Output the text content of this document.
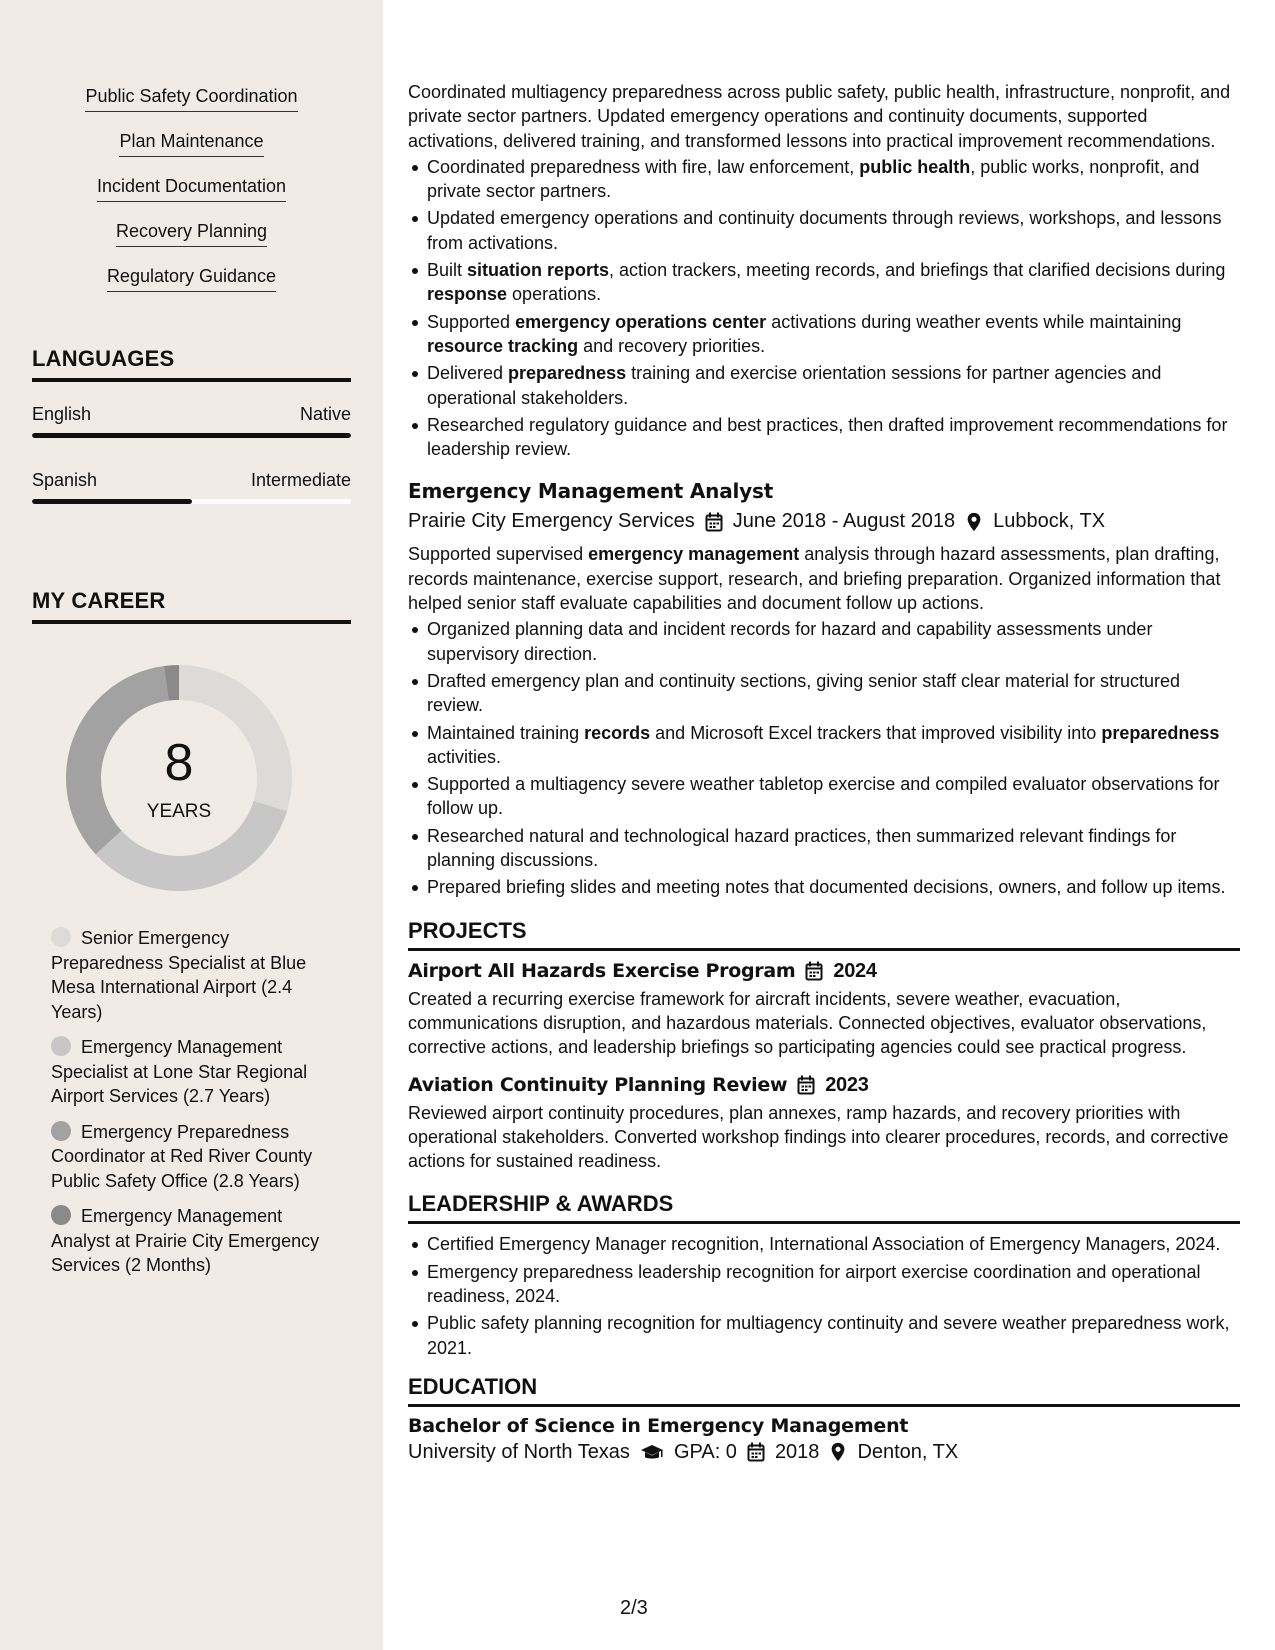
Public Safety Coordination
Plan Maintenance
Incident Documentation
Recovery Planning
Regulatory Guidance
LANGUAGES
English	Native
Spanish	Intermediate
MY CAREER
8
YEARS
Senior Emergency Preparedness Specialist at Blue Mesa International Airport (2.4 Years)
Emergency Management Specialist at Lone Star Regional Airport Services (2.7 Years)
Emergency Preparedness Coordinator at Red River County Public Safety Office (2.8 Years)
Emergency Management Analyst at Prairie City Emergency Services (2 Months)

Coordinated multiagency preparedness across public safety, public health, infrastructure, nonprofit, and private sector partners. Updated emergency operations and continuity documents, supported activations, delivered training, and transformed lessons into practical improvement recommendations.

Coordinated preparedness with fire, law enforcement, public health, public works, nonprofit, and private sector partners.
Updated emergency operations and continuity documents through reviews, workshops, and lessons from activations.
Built situation reports, action trackers, meeting records, and briefings that clarified decisions during response operations.
Supported emergency operations center activations during weather events while maintaining resource tracking and recovery priorities.
Delivered preparedness training and exercise orientation sessions for partner agencies and operational stakeholders.
Researched regulatory guidance and best practices, then drafted improvement recommendations for leadership review.
Emergency Management Analyst
Prairie City Emergency Services June 2018 - August 2018 Lubbock, TX

Supported supervised emergency management analysis through hazard assessments, plan drafting, records maintenance, exercise support, research, and briefing preparation. Organized information that helped senior staff evaluate capabilities and document follow up actions.

Organized planning data and incident records for hazard and capability assessments under supervisory direction.
Drafted emergency plan and continuity sections, giving senior staff clear material for structured review.
Maintained training records and Microsoft Excel trackers that improved visibility into preparedness activities.
Supported a multiagency severe weather tabletop exercise and compiled evaluator observations for follow up.
Researched natural and technological hazard practices, then summarized relevant findings for planning discussions.
Prepared briefing slides and meeting notes that documented decisions, owners, and follow up items.
PROJECTS
Airport All Hazards Exercise Program 2024

Created a recurring exercise framework for aircraft incidents, severe weather, evacuation, communications disruption, and hazardous materials. Connected objectives, evaluator observations, corrective actions, and leadership briefings so participating agencies could see practical progress.

Aviation Continuity Planning Review 2023

Reviewed airport continuity procedures, plan annexes, ramp hazards, and recovery priorities with operational stakeholders. Converted workshop findings into clearer procedures, records, and corrective actions for sustained readiness.

LEADERSHIP & AWARDS
Certified Emergency Manager recognition, International Association of Emergency Managers, 2024.
Emergency preparedness leadership recognition for airport exercise coordination and operational readiness, 2024.
Public safety planning recognition for multiagency continuity and severe weather preparedness work, 2021.
EDUCATION
Bachelor of Science in Emergency Management
University of North Texas GPA: 0 2018 Denton, TX
2/3
